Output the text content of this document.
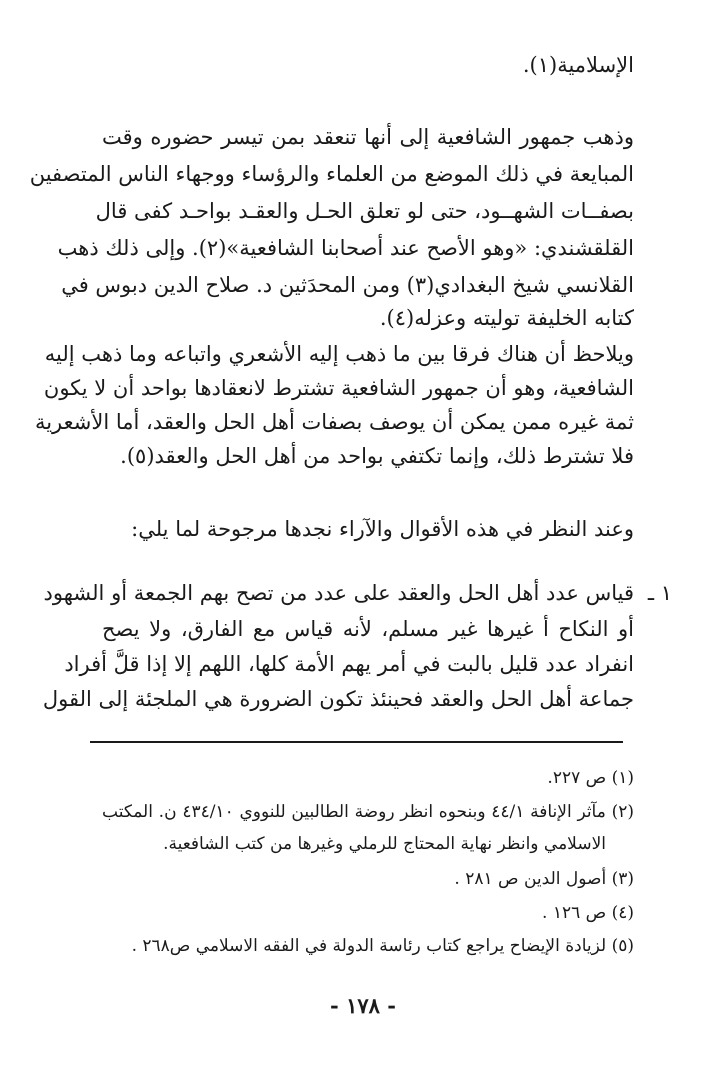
الإسلامية(١).
وذهب جمهور الشافعية إلى أنها تنعقد بمن تيسر حضوره وقت
المبايعة في ذلك الموضع من العلماء والرؤساء ووجهاء الناس المتصفين
بصفــات الشهــود، حتى لو تعلق الحـل والعقـد بواحـد كفى قال
القلقشندي: «وهو الأصح عند أصحابنا الشافعية»(٢). وإلى ذلك ذهب
القلانسي شيخ البغدادي(٣) ومن المحدَثين د. صلاح الدين دبوس في
كتابه الخليفة توليته وعزله(٤).
ويلاحظ أن هناك فرقا بين ما ذهب إليه الأشعري واتباعه وما ذهب إليه
الشافعية، وهو أن جمهور الشافعية تشترط لانعقادها بواحد أن لا يكون
ثمة غيره ممن يمكن أن يوصف بصفات أهل الحل والعقد، أما الأشعرية
فلا تشترط ذلك، وإنما تكتفي بواحد من أهل الحل والعقد(٥).
وعند النظر في هذه الأقوال والآراء نجدها مرجوحة لما يلي:
١ ـ
قياس عدد أهل الحل والعقد على عدد من تصح بهم الجمعة أو الشهود
أو النكاح أ غيرها غير مسلم، لأنه قياس مع الفارق، ولا يصح
انفراد عدد قليل بالبت في أمر يهم الأمة كلها، اللهم إلا إذا قلَّ أفراد
جماعة أهل الحل والعقد فحينئذ تكون الضرورة هي الملجئة إلى القول
(١) ص ٢٢٧.
(٢) مآثر الإنافة ٤٤/١ وبنحوه انظر روضة الطالبين للنووي ٤٣٤/١٠ ن. المكتب
الاسلامي وانظر نهاية المحتاج للرملي وغيرها من كتب الشافعية.
(٣) أصول الدين ص ٢٨١ .
(٤) ص ١٢٦ .
(٥) لزيادة الإيضاح يراجع كتاب رئاسة الدولة في الفقه الاسلامي ص٢٦٨ .
- ١٧٨ -
